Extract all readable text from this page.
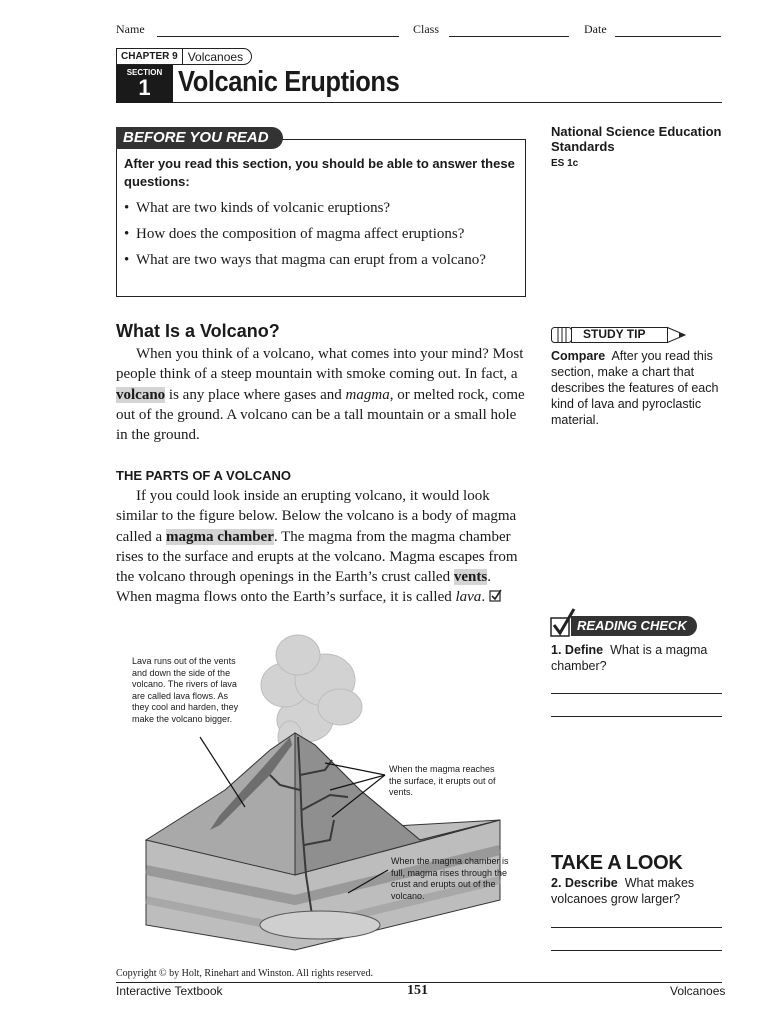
Name	Class	Date
CHAPTER 9 Volcanoes
SECTION
1 Volcanic Eruptions
BEFORE YOU READ
After you read this section, you should be able to answer these questions:
• What are two kinds of volcanic eruptions?
• How does the composition of magma affect eruptions?
• What are two ways that magma can erupt from a volcano?
National Science Education Standards
ES 1c
What Is a Volcano?
When you think of a volcano, what comes into your mind? Most people think of a steep mountain with smoke coming out. In fact, a volcano is any place where gases and magma, or melted rock, come out of the ground. A volcano can be a tall mountain or a small hole in the ground.
THE PARTS OF A VOLCANO
If you could look inside an erupting volcano, it would look similar to the figure below. Below the volcano is a body of magma called a magma chamber. The magma from the magma chamber rises to the surface and erupts at the volcano. Magma escapes from the volcano through openings in the Earth’s crust called vents. When magma flows onto the Earth’s surface, it is called lava.
STUDY TIP
Compare After you read this section, make a chart that describes the features of each kind of lava and pyroclastic material.
READING CHECK
1. Define What is a magma chamber?
TAKE A LOOK
2. Describe What makes volcanoes grow larger?
Lava runs out of the vents and down the side of the volcano. The rivers of lava are called lava flows. As they cool and harden, they make the volcano bigger.
When the magma reaches the surface, it erupts out of vents.
When the magma chamber is full, magma rises through the crust and erupts out of the volcano.
Copyright © by Holt, Rinehart and Winston. All rights reserved.
Interactive Textbook	151	Volcanoes
